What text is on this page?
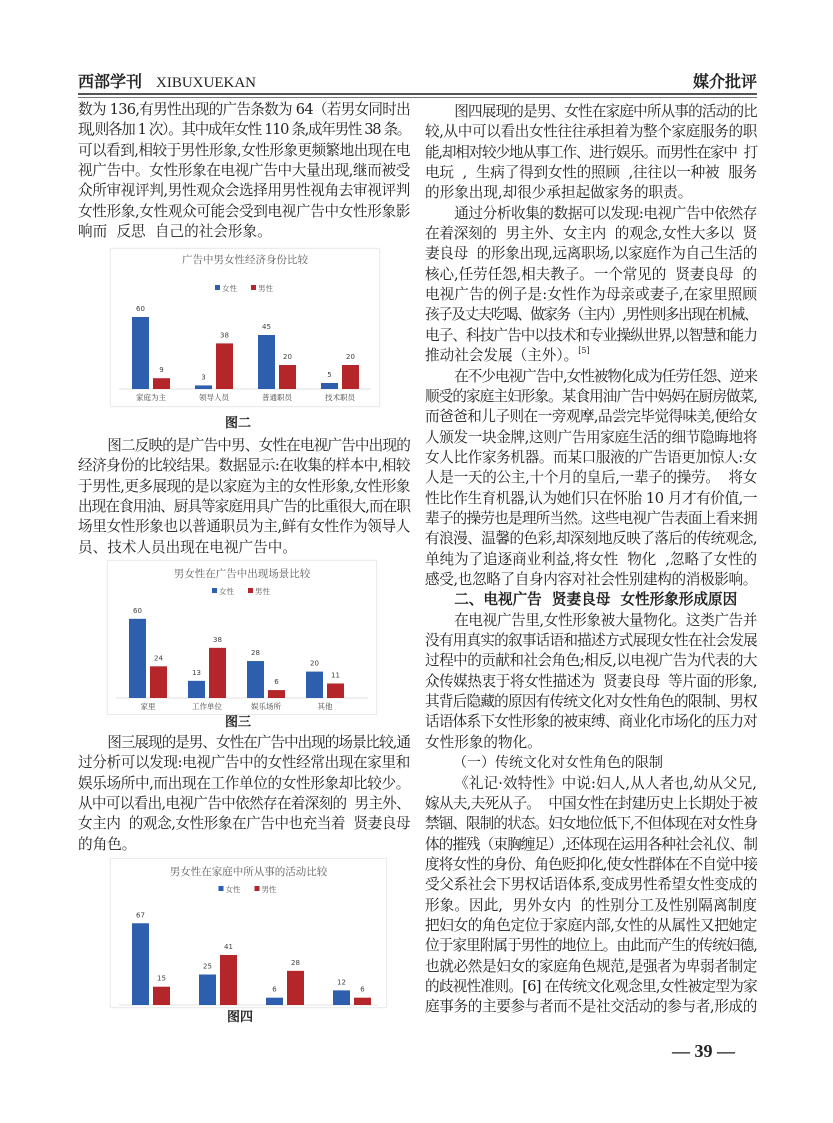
西部学刊 XIBUXUEKAN	媒介批评
数为 136,有男性出现的广告条数为 64（若男女同时出
现,则各加 1 次）。其中成年女性 110 条,成年男性 38 条。
可以看到,相较于男性形象,女性形象更频繁地出现在电
视广告中。女性形象在电视广告中大量出现,继而被受
众所审视评判,男性观众会选择用男性视角去审视评判
女性形象,女性观众可能会受到电视广告中女性形象影
响而  反思  自己的社会形象。
图二反映的是广告中男、女性在电视广告中出现的
经济身份的比较结果。数据显示:在收集的样本中,相较
于男性,更多展现的是以家庭为主的女性形象,女性形象
出现在食用油、厨具等家庭用具广告的比重很大,而在职
场里女性形象也以普通职员为主,鲜有女性作为领导人
员、技术人员出现在电视广告中。
图三展现的是男、女性在广告中出现的场景比较,通
过分析可以发现:电视广告中的女性经常出现在家里和
娱乐场所中,而出现在工作单位的女性形象却比较少。
从中可以看出,电视广告中依然存在着深刻的  男主外、
女主内  的观念,女性形象在广告中也充当着  贤妻良母
的角色。
图四展现的是男、女性在家庭中所从事的活动的比
较,从中可以看出女性往往承担着为整个家庭服务的职
能,却相对较少地从事工作、进行娱乐。而男性在家中  打
电玩  ,  生病了得到女性的照顾  ,往往以一种被  服务
的形象出现,却很少承担起做家务的职责。
通过分析收集的数据可以发现:电视广告中依然存
在着深刻的  男主外、女主内  的观念,女性大多以  贤
妻良母  的形象出现,远离职场,以家庭作为自己生活的
核心,任劳任怨,相夫教子。一个常见的  贤妻良母  的
电视广告的例子是:女性作为母亲或妻子,在家里照顾
孩子及丈夫吃喝、做家务（主内）,男性则多出现在机械、
电子、科技广告中以技术和专业操纵世界,以智慧和能力
推动社会发展（主外）。[5]
在不少电视广告中,女性被物化成为任劳任怨、逆来
顺受的家庭主妇形象。某食用油广告中妈妈在厨房做菜,
而爸爸和儿子则在一旁观摩,品尝完毕觉得味美,便给女
人颁发一块金牌,这则广告用家庭生活的细节隐晦地将
女人比作家务机器。而某口服液的广告语更加惊人:女
人是一天的公主,十个月的皇后,一辈子的操劳。  将女
性比作生育机器,认为她们只在怀胎 10 月才有价值,一
辈子的操劳也是理所当然。这些电视广告表面上看来拥
有浪漫、温馨的色彩,却深刻地反映了落后的传统观念,
单纯为了追逐商业利益,将女性  物化  ,忽略了女性的
感受,也忽略了自身内容对社会性别建构的消极影响。
二、电视广告  贤妻良母  女性形象形成原因
在电视广告里,女性形象被大量物化。这类广告并
没有用真实的叙事话语和描述方式展现女性在社会发展
过程中的贡献和社会角色;相反,以电视广告为代表的大
众传媒热衷于将女性描述为  贤妻良母  等片面的形象,
其背后隐藏的原因有传统文化对女性角色的限制、男权
话语体系下女性形象的被束缚、商业化市场化的压力对
女性形象的物化。
（一）传统文化对女性角色的限制
《礼记·效特性》中说:妇人,从人者也,幼从父兄,
嫁从夫,夫死从子。  中国女性在封建历史上长期处于被
禁锢、限制的状态。妇女地位低下,不但体现在对女性身
体的摧残（束胸缠足）,还体现在运用各种社会礼仪、制
度将女性的身份、角色贬抑化,使女性群体在不自觉中接
受父系社会下男权话语体系,变成男性希望女性变成的
形象。因此,  男外女内  的性别分工及性别隔离制度
把妇女的角色定位于家庭内部,女性的从属性又把她定
位于家里附属于男性的地位上。由此而产生的传统妇德,
也就必然是妇女的家庭角色规范,是强者为卑弱者制定
的歧视性准则。[6] 在传统文化观念里,女性被定型为家
庭事务的主要参与者而不是社交活动的参与者,形成的
广告中男女性经济身份比较
女性	男性
60
3
45
5
9
38
20	20
家庭为主	领导人员	普通职员	技术职员
男女性在广告中出现场景比较
女性	男性
60
13
28
20
24
38
6
11
家里	工作单位	娱乐场所	其他
男女性在家庭中所从事的活动比较
女性	男性
67
25
6
12
15
41
28
6
图二
图三
图四
— 39 —
